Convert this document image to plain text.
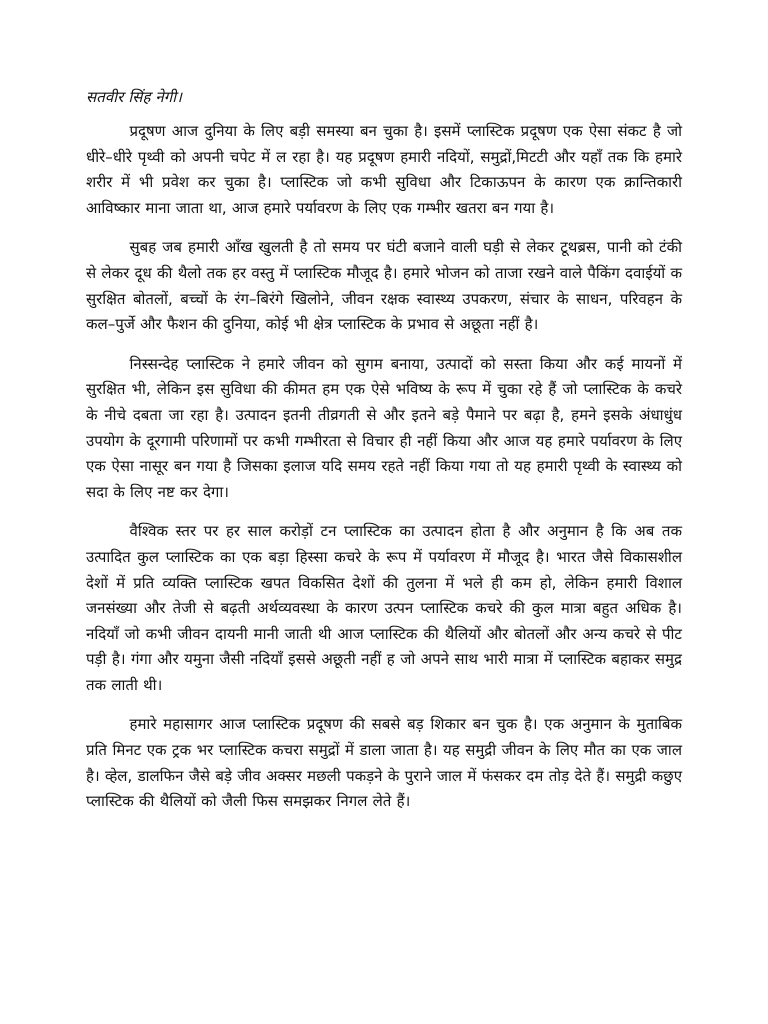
सतवीर सिंह नेगी।

प्रदूषण आज दुनिया के लिए बड़ी समस्या बन चुका है। इसमें प्लास्टिक प्रदूषण एक ऐसा संकट है जो धीरे–धीरे पृथ्वी को अपनी चपेट में ल रहा है। यह प्रदूषण हमारी नदियों, समुद्रों,मिटटी और यहाँ तक कि हमारे शरीर में भी प्रवेश कर चुका है। प्लास्टिक जो कभी सुविधा और टिकाऊपन के कारण एक क्रान्तिकारी आविष्कार माना जाता था, आज हमारे पर्यावरण के लिए एक गम्भीर खतरा बन गया है।

सुबह जब हमारी आँख खुलती है तो समय पर घंटी बजाने वाली घड़ी से लेकर टूथब्रस, पानी को टंकी से लेकर दूध की थैलो तक हर वस्तु में प्लास्टिक मौजूद है। हमारे भोजन को ताजा रखने वाले पैकिंग दवाईयों क सुरक्षित बोतलों, बच्चों के रंग–बिरंगे खिलोने, जीवन रक्षक स्वास्थ्य उपकरण, संचार के साधन, परिवहन के कल–पुर्जे और फैशन की दुनिया, कोई भी क्षेत्र प्लास्टिक के प्रभाव से अछूता नहीं है।

निस्सन्देह प्लास्टिक ने हमारे जीवन को सुगम बनाया, उत्पादों को सस्ता किया और कई मायनों में सुरक्षित भी, लेकिन इस सुविधा की कीमत हम एक ऐसे भविष्य के रूप में चुका रहे हैं जो प्लास्टिक के कचरे के नीचे दबता जा रहा है। उत्पादन इतनी तीव्रगती से और इतने बड़े पैमाने पर बढ़ा है, हमने इसके अंधाधुंध उपयोग के दूरगामी परिणामों पर कभी गम्भीरता से विचार ही नहीं किया और आज यह हमारे पर्यावरण के लिए एक ऐसा नासूर बन गया है जिसका इलाज यदि समय रहते नहीं किया गया तो यह हमारी पृथ्वी के स्वास्थ्य को सदा के लिए नष्ट कर देगा।

वैश्विक स्तर पर हर साल करोड़ों टन प्लास्टिक का उत्पादन होता है और अनुमान है कि अब तक उत्पादित कुल प्लास्टिक का एक बड़ा हिस्सा कचरे के रूप में पर्यावरण में मौजूद है। भारत जैसे विकासशील देशों में प्रति व्यक्ति प्लास्टिक खपत विकसित देशों की तुलना में भले ही कम हो, लेकिन हमारी विशाल जनसंख्या और तेजी से बढ़ती अर्थव्यवस्था के कारण उत्पन प्लास्टिक कचरे की कुल मात्रा बहुत अधिक है। नदियाँ जो कभी जीवन दायनी मानी जाती थी आज प्लास्टिक की थैलियों और बोतलों और अन्य कचरे से पीट पड़ी है। गंगा और यमुना जैसी नदियाँ इससे अछूती नहीं ह जो अपने साथ भारी मात्रा में प्लास्टिक बहाकर समुद्र तक लाती थी।

हमारे महासागर आज प्लास्टिक प्रदूषण की सबसे बड़ शिकार बन चुक है। एक अनुमान के मुताबिक प्रति मिनट एक ट्रक भर प्लास्टिक कचरा समुद्रों में डाला जाता है। यह समुद्री जीवन के लिए मौत का एक जाल है। व्हेल, डालफिन जैसे बड़े जीव अक्सर मछली पकड़ने के पुराने जाल में फंसकर दम तोड़ देते हैं। समुद्री कछुए प्लास्टिक की थैलियों को जैली फिस समझकर निगल लेते हैं।
